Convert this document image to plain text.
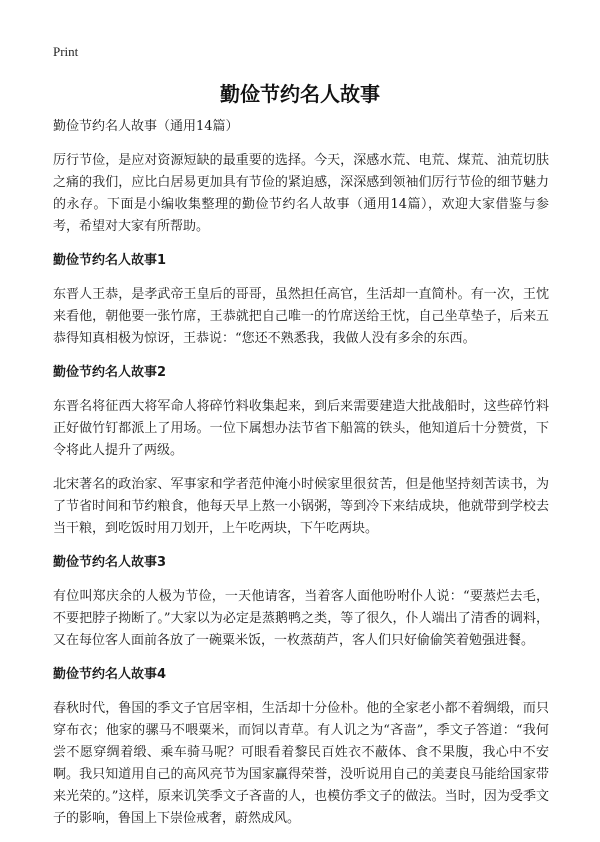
Print
勤俭节约名人故事

勤俭节约名人故事（通用14篇）

厉行节俭，是应对资源短缺的最重要的选择。今天，深感水荒、电荒、煤荒、油荒切肤之痛的我们，应比白居易更加具有节俭的紧迫感，深深感到领袖们厉行节俭的细节魅力的永存。下面是小编收集整理的勤俭节约名人故事（通用14篇），欢迎大家借鉴与参考，希望对大家有所帮助。

勤俭节约名人故事1

东晋人王恭，是孝武帝王皇后的哥哥，虽然担任高官，生活却一直简朴。有一次，王忱来看他，朝他要一张竹席，王恭就把自己唯一的竹席送给王忱，自己坐草垫子，后来五恭得知真相极为惊讶，王恭说：“您还不熟悉我，我做人没有多余的东西。

勤俭节约名人故事2

东晋名将征西大将军命人将碎竹料收集起来，到后来需要建造大批战船时，这些碎竹料正好做竹钉都派上了用场。一位下属想办法节省下船篙的铁头，他知道后十分赞赏，下令将此人提升了两级。

北宋著名的政治家、军事家和学者范仲淹小时候家里很贫苦，但是他坚持刻苦读书，为了节省时间和节约粮食，他每天早上熬一小锅粥，等到冷下来结成块，他就带到学校去当干粮，到吃饭时用刀划开，上午吃两块，下午吃两块。

勤俭节约名人故事3

有位叫郑庆余的人极为节俭，一天他请客，当着客人面他吩咐仆人说：“要蒸烂去毛，不要把脖子拗断了。”大家以为必定是蒸鹅鸭之类，等了很久，仆人端出了清香的调料，又在每位客人面前各放了一碗粟米饭，一枚蒸葫芦，客人们只好偷偷笑着勉强进餐。

勤俭节约名人故事4

春秋时代，鲁国的季文子官居宰相，生活却十分俭朴。他的全家老小都不着绸缎，而只穿布衣；他家的骡马不喂粟米，而饲以青草。有人讥之为“吝啬”，季文子答道：“我何尝不愿穿绸着缎、乘车骑马呢？可眼看着黎民百姓衣不蔽体、食不果腹，我心中不安啊。我只知道用自己的高风亮节为国家赢得荣誉，没听说用自己的美妻良马能给国家带来光荣的。”这样，原来讥笑季文子吝啬的人，也模仿季文子的做法。当时，因为受季文子的影响，鲁国上下崇俭戒奢，蔚然成风。
